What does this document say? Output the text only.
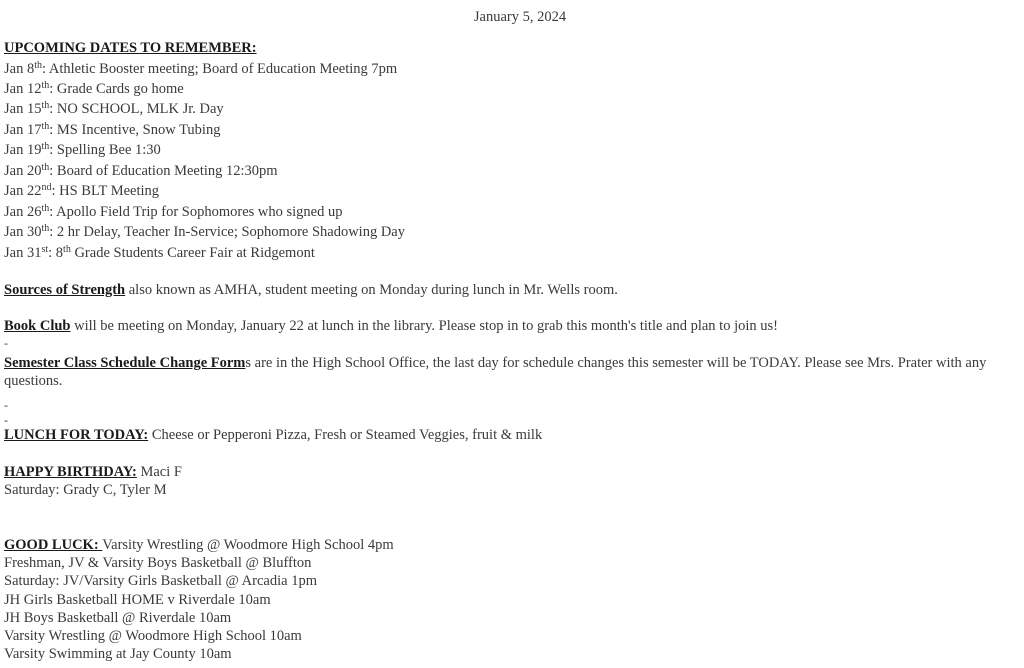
January 5, 2024
UPCOMING DATES TO REMEMBER:
Jan 8th: Athletic Booster meeting; Board of Education Meeting 7pm
Jan 12th: Grade Cards go home
Jan 15th: NO SCHOOL, MLK Jr. Day
Jan 17th: MS Incentive, Snow Tubing
Jan 19th: Spelling Bee 1:30
Jan 20th: Board of Education Meeting 12:30pm
Jan 22nd: HS BLT Meeting
Jan 26th: Apollo Field Trip for Sophomores who signed up
Jan 30th: 2 hr Delay, Teacher In-Service; Sophomore Shadowing Day
Jan 31st: 8th Grade Students Career Fair at Ridgemont
Sources of Strength also known as AMHA, student meeting on Monday during lunch in Mr. Wells room.
Book Club will be meeting on Monday, January 22 at lunch in the library. Please stop in to grab this month's title and plan to join us!
-
Semester Class Schedule Change Forms are in the High School Office, the last day for schedule changes this semester will be TODAY. Please see Mrs. Prater with any questions.
-
-
LUNCH FOR TODAY: Cheese or Pepperoni Pizza, Fresh or Steamed Veggies, fruit & milk
HAPPY BIRTHDAY: Maci F
Saturday: Grady C, Tyler M
GOOD LUCK: Varsity Wrestling @ Woodmore High School 4pm
Freshman, JV & Varsity Boys Basketball @ Bluffton
Saturday: JV/Varsity Girls Basketball @ Arcadia 1pm
JH Girls Basketball HOME v Riverdale 10am
JH Boys Basketball @ Riverdale 10am
Varsity Wrestling @ Woodmore High School 10am
Varsity Swimming at Jay County 10am
